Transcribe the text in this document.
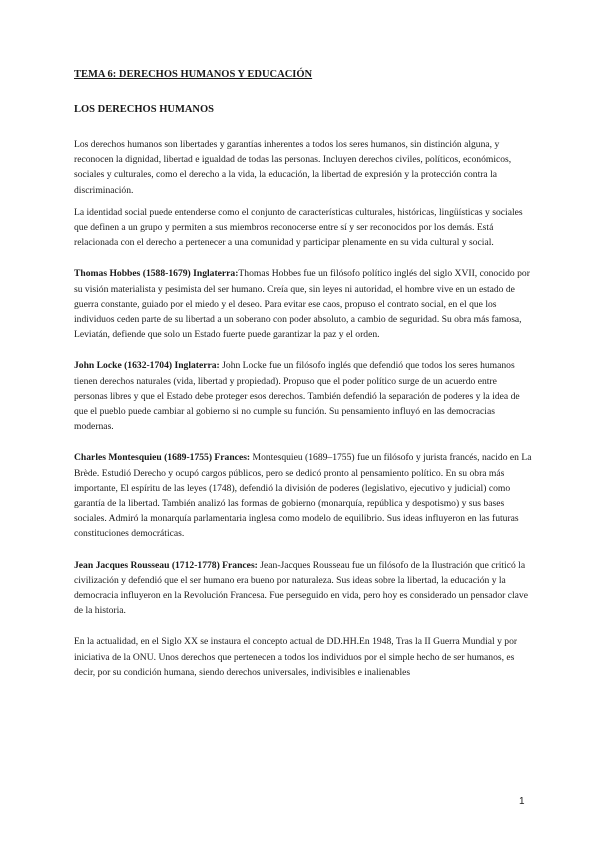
TEMA 6: DERECHOS HUMANOS Y EDUCACIÓN
LOS DERECHOS HUMANOS

Los derechos humanos son libertades y garantías inherentes a todos los seres humanos, sin distinción alguna, y reconocen la dignidad, libertad e igualdad de todas las personas. Incluyen derechos civiles, políticos, económicos, sociales y culturales, como el derecho a la vida, la educación, la libertad de expresión y la protección contra la discriminación.

La identidad social puede entenderse como el conjunto de características culturales, históricas, lingüísticas y sociales que definen a un grupo y permiten a sus miembros reconocerse entre sí y ser reconocidos por los demás. Está relacionada con el derecho a pertenecer a una comunidad y participar plenamente en su vida cultural y social.

Thomas Hobbes (1588-1679) Inglaterra:Thomas Hobbes fue un filósofo político inglés del siglo XVII, conocido por su visión materialista y pesimista del ser humano. Creía que, sin leyes ni autoridad, el hombre vive en un estado de guerra constante, guiado por el miedo y el deseo. Para evitar ese caos, propuso el contrato social, en el que los individuos ceden parte de su libertad a un soberano con poder absoluto, a cambio de seguridad. Su obra más famosa, Leviatán, defiende que solo un Estado fuerte puede garantizar la paz y el orden.

John Locke (1632-1704) Inglaterra: John Locke fue un filósofo inglés que defendió que todos los seres humanos tienen derechos naturales (vida, libertad y propiedad). Propuso que el poder político surge de un acuerdo entre personas libres y que el Estado debe proteger esos derechos. También defendió la separación de poderes y la idea de que el pueblo puede cambiar al gobierno si no cumple su función. Su pensamiento influyó en las democracias modernas.

Charles Montesquieu (1689-1755) Frances: Montesquieu (1689–1755) fue un filósofo y jurista francés, nacido en La Brède. Estudió Derecho y ocupó cargos públicos, pero se dedicó pronto al pensamiento político. En su obra más importante, El espíritu de las leyes (1748), defendió la división de poderes (legislativo, ejecutivo y judicial) como garantía de la libertad. También analizó las formas de gobierno (monarquía, república y despotismo) y sus bases sociales. Admiró la monarquía parlamentaria inglesa como modelo de equilibrio. Sus ideas influyeron en las futuras constituciones democráticas.

Jean Jacques Rousseau (1712-1778) Frances: Jean-Jacques Rousseau fue un filósofo de la Ilustración que criticó la civilización y defendió que el ser humano era bueno por naturaleza. Sus ideas sobre la libertad, la educación y la democracia influyeron en la Revolución Francesa. Fue perseguido en vida, pero hoy es considerado un pensador clave de la historia.

En la actualidad, en el Siglo XX se instaura el concepto actual de DD.HH.En 1948, Tras la II Guerra Mundial y por iniciativa de la ONU. Unos derechos que pertenecen a todos los individuos por el simple hecho de ser humanos, es decir, por su condición humana, siendo derechos universales, indivisibles e inalienables

1
